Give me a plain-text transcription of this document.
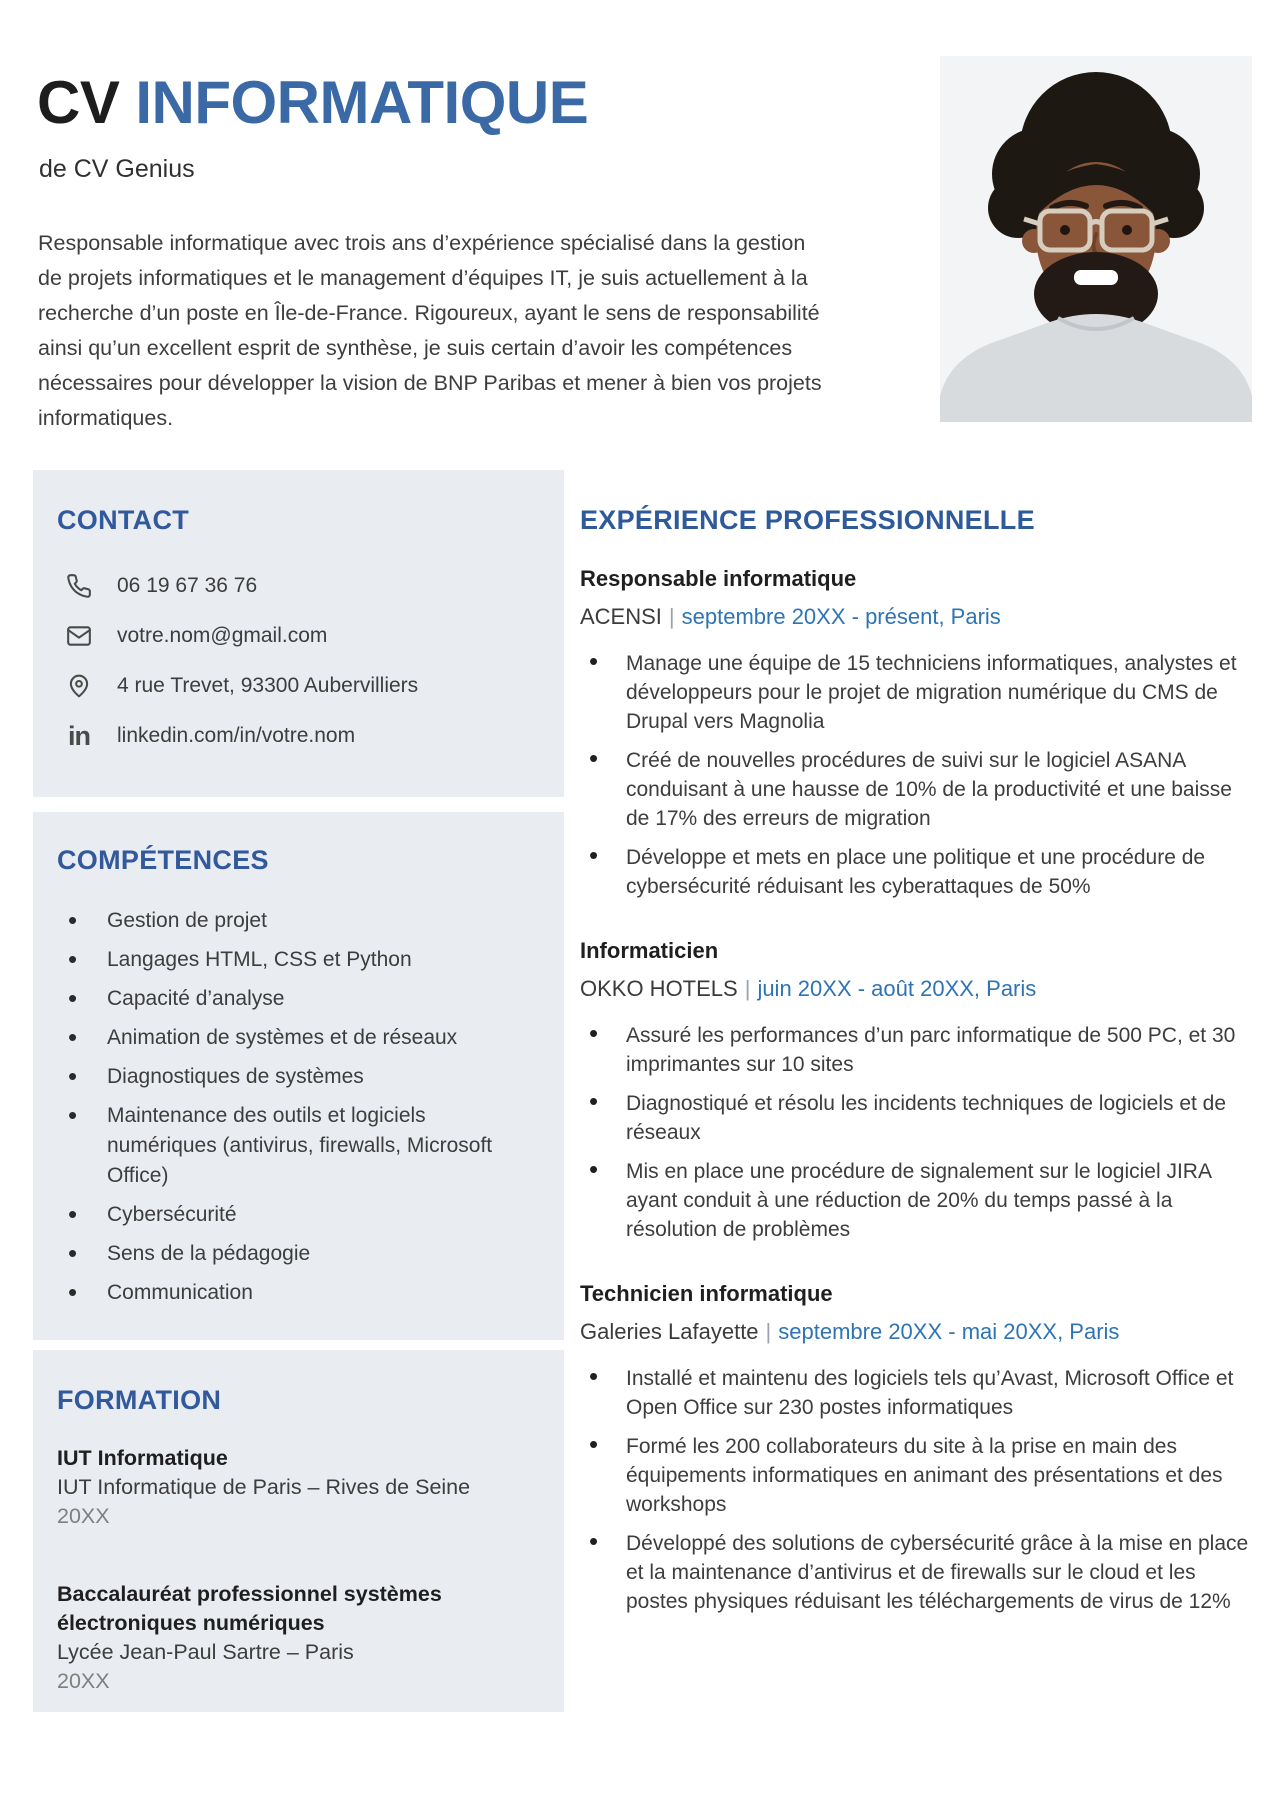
CV INFORMATIQUE
de CV Genius
Responsable informatique avec trois ans d’expérience spécialisé dans la gestion de projets informatiques et le management d’équipes IT, je suis actuellement à la recherche d’un poste en Île-de-France. Rigoureux, ayant le sens de responsabilité ainsi qu’un excellent esprit de synthèse, je suis certain d’avoir les compétences nécessaires pour développer la vision de BNP Paribas et mener à bien vos projets informatiques.
CONTACT
06 19 67 36 76
votre.nom@gmail.com
4 rue Trevet, 93300 Aubervilliers
in linkedin.com/in/votre.nom
COMPÉTENCES
• Gestion de projet
• Langages HTML, CSS et Python
• Capacité d’analyse
• Animation de systèmes et de réseaux
• Diagnostiques de systèmes
• Maintenance des outils et logiciels numériques (antivirus, firewalls, Microsoft Office)
• Cybersécurité
• Sens de la pédagogie
• Communication
FORMATION
IUT Informatique
IUT Informatique de Paris – Rives de Seine
20XX
Baccalauréat professionnel systèmes électroniques numériques
Lycée Jean-Paul Sartre – Paris
20XX
EXPÉRIENCE PROFESSIONNELLE
Responsable informatique
ACENSI | septembre 20XX - présent, Paris
• Manage une équipe de 15 techniciens informatiques, analystes et développeurs pour le projet de migration numérique du CMS de Drupal vers Magnolia
• Créé de nouvelles procédures de suivi sur le logiciel ASANA conduisant à une hausse de 10% de la productivité et une baisse de 17% des erreurs de migration
• Développe et mets en place une politique et une procédure de cybersécurité réduisant les cyberattaques de 50%
Informaticien
OKKO HOTELS | juin 20XX - août 20XX, Paris
• Assuré les performances d’un parc informatique de 500 PC, et 30 imprimantes sur 10 sites
• Diagnostiqué et résolu les incidents techniques de logiciels et de réseaux
• Mis en place une procédure de signalement sur le logiciel JIRA ayant conduit à une réduction de 20% du temps passé à la résolution de problèmes
Technicien informatique
Galeries Lafayette | septembre 20XX - mai 20XX, Paris
• Installé et maintenu des logiciels tels qu’Avast, Microsoft Office et Open Office sur 230 postes informatiques
• Formé les 200 collaborateurs du site à la prise en main des équipements informatiques en animant des présentations et des workshops
• Développé des solutions de cybersécurité grâce à la mise en place et la maintenance d’antivirus et de firewalls sur le cloud et les postes physiques réduisant les téléchargements de virus de 12%
